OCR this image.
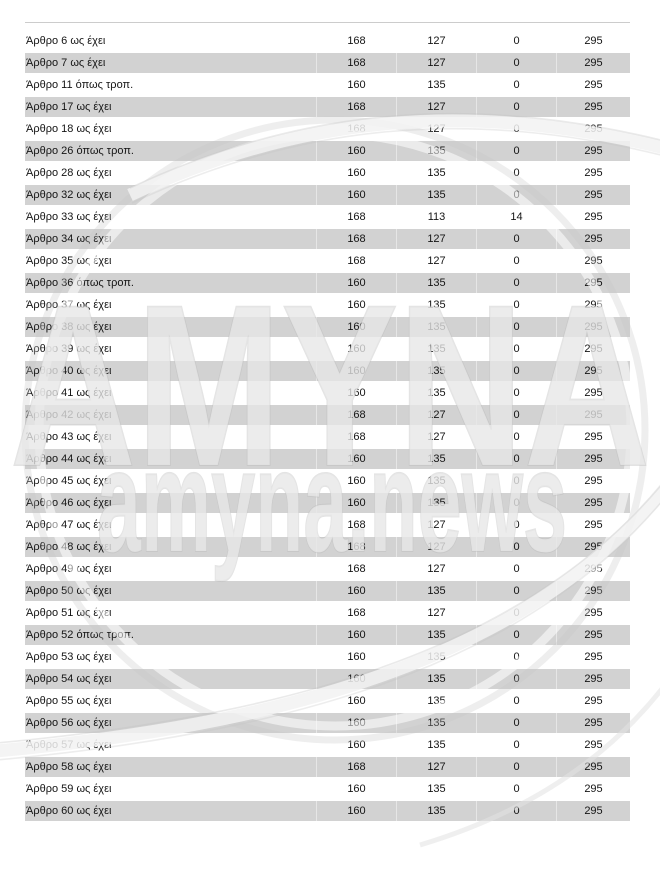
Άρθρο 6 ως έχει	168	127	0	295
Άρθρο 7 ως έχει	168	127	0	295
Άρθρο 11 όπως τροπ.	160	135	0	295
Άρθρο 17 ως έχει	168	127	0	295
Άρθρο 18 ως έχει	168	127	0	295
Άρθρο 26 όπως τροπ.	160	135	0	295
Άρθρο 28 ως έχει	160	135	0	295
Άρθρο 32 ως έχει	160	135	0	295
Άρθρο 33 ως έχει	168	113	14	295
Άρθρο 34 ως έχει	168	127	0	295
Άρθρο 35 ως έχει	168	127	0	295
Άρθρο 36 όπως τροπ.	160	135	0	295
Άρθρο 37 ως έχει	160	135	0	295
Άρθρο 38 ως έχει	160	135	0	295
Άρθρο 39 ως έχει	160	135	0	295
Άρθρο 40 ως έχει	160	135	0	295
Άρθρο 41 ως έχει	160	135	0	295
Άρθρο 42 ως έχει	168	127	0	295
Άρθρο 43 ως έχει	168	127	0	295
Άρθρο 44 ως έχει	160	135	0	295
Άρθρο 45 ως έχει	160	135	0	295
Άρθρο 46 ως έχει	160	135	0	295
Άρθρο 47 ως έχει	168	127	0	295
Άρθρο 48 ως έχει	168	127	0	295
Άρθρο 49 ως έχει	168	127	0	295
Άρθρο 50 ως έχει	160	135	0	295
Άρθρο 51 ως έχει	168	127	0	295
Άρθρο 52 όπως τροπ.	160	135	0	295
Άρθρο 53 ως έχει	160	135	0	295
Άρθρο 54 ως έχει	160	135	0	295
Άρθρο 55 ως έχει	160	135	0	295
Άρθρο 56 ως έχει	160	135	0	295
Άρθρο 57 ως έχει	160	135	0	295
Άρθρο 58 ως έχει	168	127	0	295
Άρθρο 59 ως έχει	160	135	0	295
Άρθρο 60 ως έχει	160	135	0	295
ΑΜΥΝΑ
amyna.news
